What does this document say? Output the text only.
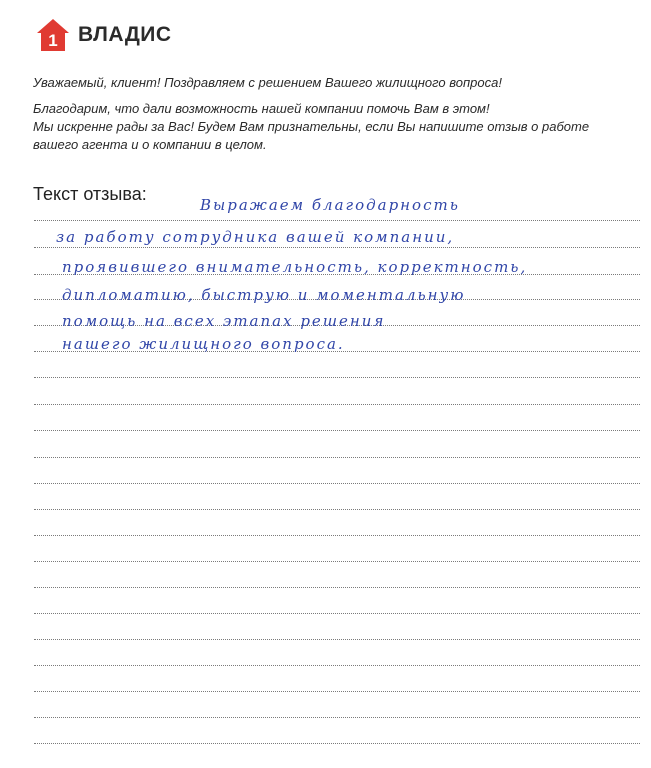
1 ВЛАДИС
Уважаемый, клиент! Поздравляем с решением Вашего жилищного вопроса!
Благодарим, что дали возможность нашей компании помочь Вам в этом!
Мы искренне рады за Вас! Будем Вам признательны, если Вы напишите отзыв о работе
вашего агента и о компании в целом.
Текст отзыва:
Выражаем благодарность
за работу сотрудника вашей компании,
проявившего внимательность, корректность,
дипломатию, быструю и моментальную
помощь на всех этапах решения
нашего жилищного вопроса.
